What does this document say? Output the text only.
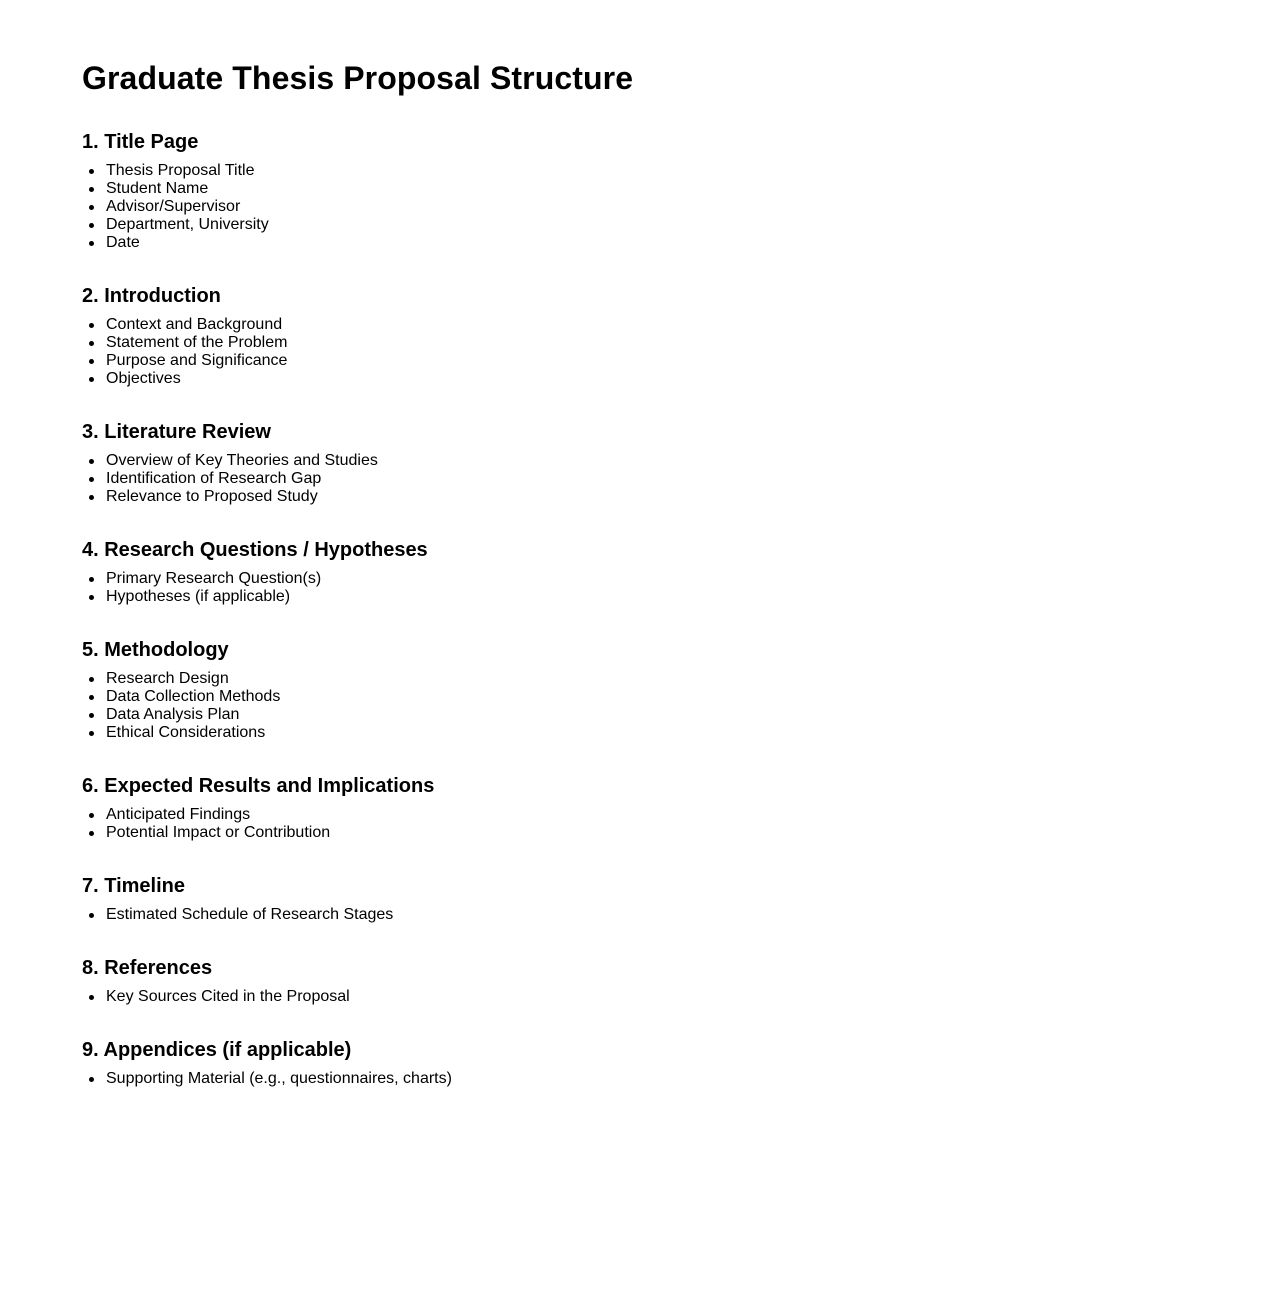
Graduate Thesis Proposal Structure
1. Title Page
Thesis Proposal Title
Student Name
Advisor/Supervisor
Department, University
Date
2. Introduction
Context and Background
Statement of the Problem
Purpose and Significance
Objectives
3. Literature Review
Overview of Key Theories and Studies
Identification of Research Gap
Relevance to Proposed Study
4. Research Questions / Hypotheses
Primary Research Question(s)
Hypotheses (if applicable)
5. Methodology
Research Design
Data Collection Methods
Data Analysis Plan
Ethical Considerations
6. Expected Results and Implications
Anticipated Findings
Potential Impact or Contribution
7. Timeline
Estimated Schedule of Research Stages
8. References
Key Sources Cited in the Proposal
9. Appendices (if applicable)
Supporting Material (e.g., questionnaires, charts)
